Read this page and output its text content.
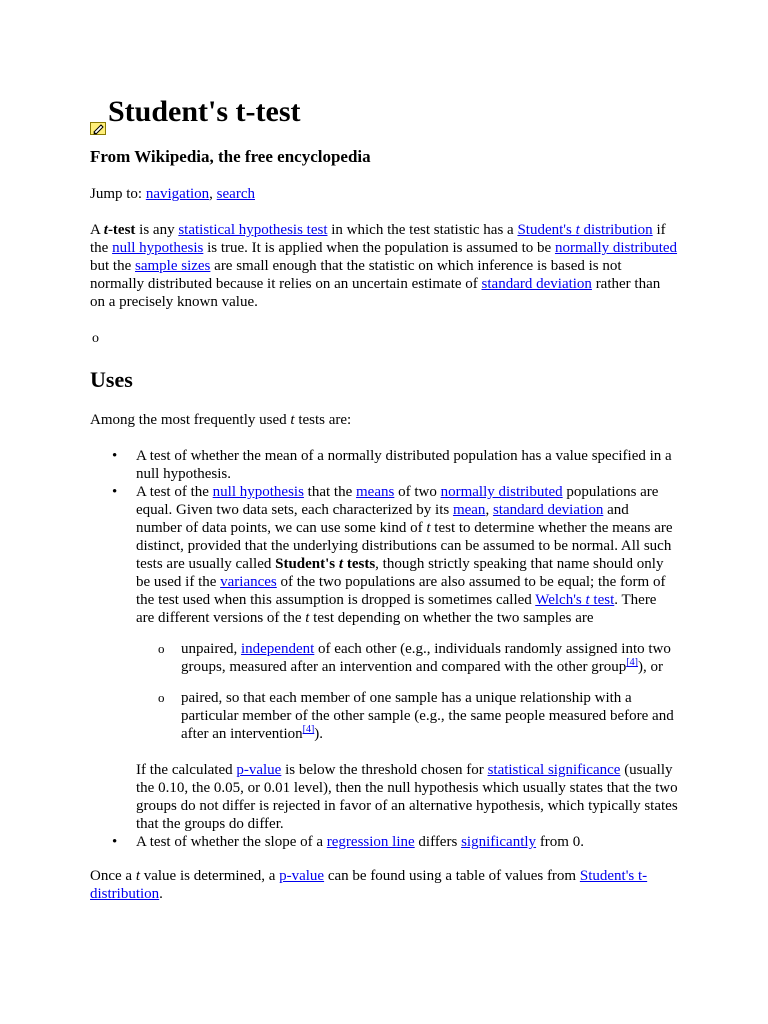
Student's t-test

From Wikipedia, the free encyclopedia

Jump to: navigation, search

A t-test is any statistical hypothesis test in which the test statistic has a Student's t distribution if the null hypothesis is true. It is applied when the population is assumed to be normally distributed but the sample sizes are small enough that the statistic on which inference is based is not normally distributed because it relies on an uncertain estimate of standard deviation rather than on a precisely known value.

o
Uses

Among the most frequently used t tests are:

• A test of whether the mean of a normally distributed population has a value specified in a null hypothesis.
• A test of the null hypothesis that the means of two normally distributed populations are equal. Given two data sets, each characterized by its mean, standard deviation and number of data points, we can use some kind of t test to determine whether the means are distinct, provided that the underlying distributions can be assumed to be normal. All such tests are usually called Student's t tests, though strictly speaking that name should only be used if the variances of the two populations are also assumed to be equal; the form of the test used when this assumption is dropped is sometimes called Welch's t test. There are different versions of the t test depending on whether the two samples are
o unpaired, independent of each other (e.g., individuals randomly assigned into two groups, measured after an intervention and compared with the other group[4]), or
o paired, so that each member of one sample has a unique relationship with a particular member of the other sample (e.g., the same people measured before and after an intervention[4]).

If the calculated p-value is below the threshold chosen for statistical significance (usually the 0.10, the 0.05, or 0.01 level), then the null hypothesis which usually states that the two groups do not differ is rejected in favor of an alternative hypothesis, which typically states that the groups do differ.

• A test of whether the slope of a regression line differs significantly from 0.

Once a t value is determined, a p-value can be found using a table of values from Student's t-distribution.
